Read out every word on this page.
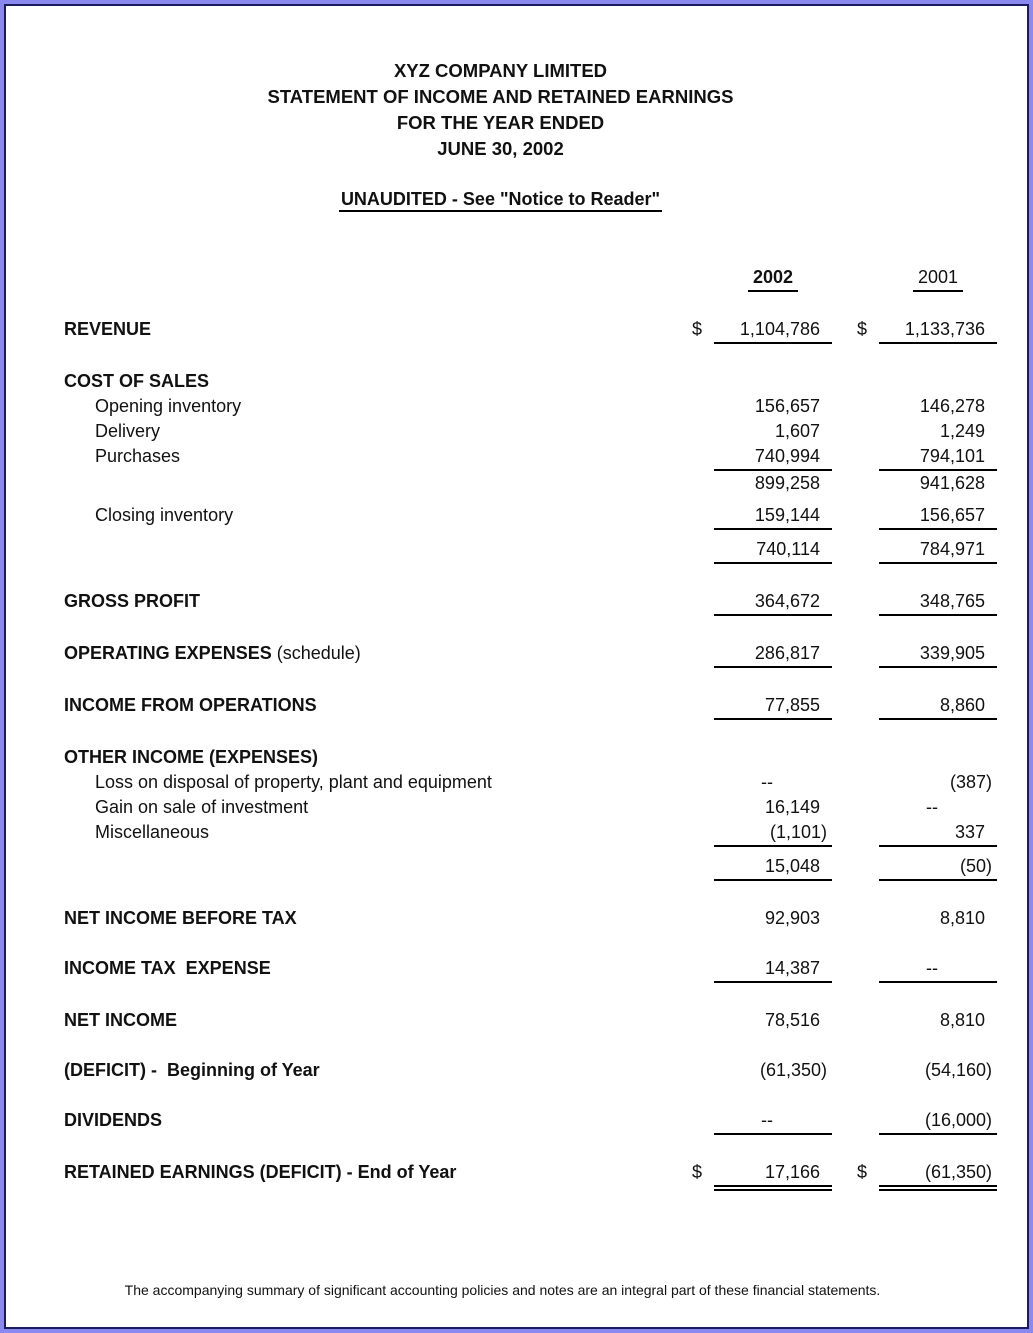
XYZ COMPANY LIMITED
STATEMENT OF INCOME AND RETAINED EARNINGS
FOR THE YEAR ENDED
JUNE 30, 2002
UNAUDITED - See "Notice to Reader"
2002	2001
REVENUE	$	1,104,786	$	1,133,736
COST OF SALES
Opening inventory	156,657	146,278
Delivery	1,607	1,249
Purchases	740,994	794,101
899,258	941,628
Closing inventory	159,144	156,657
740,114	784,971
GROSS PROFIT	364,672	348,765
OPERATING EXPENSES (schedule)	286,817	339,905
INCOME FROM OPERATIONS	77,855	8,860
OTHER INCOME (EXPENSES)
Loss on disposal of property, plant and equipment	--	(387)
Gain on sale of investment	16,149	--
Miscellaneous	(1,101)	337
15,048	(50)
NET INCOME BEFORE TAX	92,903	8,810
INCOME TAX  EXPENSE	14,387	--
NET INCOME	78,516	8,810
(DEFICIT) -  Beginning of Year	(61,350)	(54,160)
DIVIDENDS	--	(16,000)
RETAINED EARNINGS (DEFICIT) - End of Year	$	17,166	$	(61,350)
The accompanying summary of significant accounting policies and notes are an integral part of these financial statements.
